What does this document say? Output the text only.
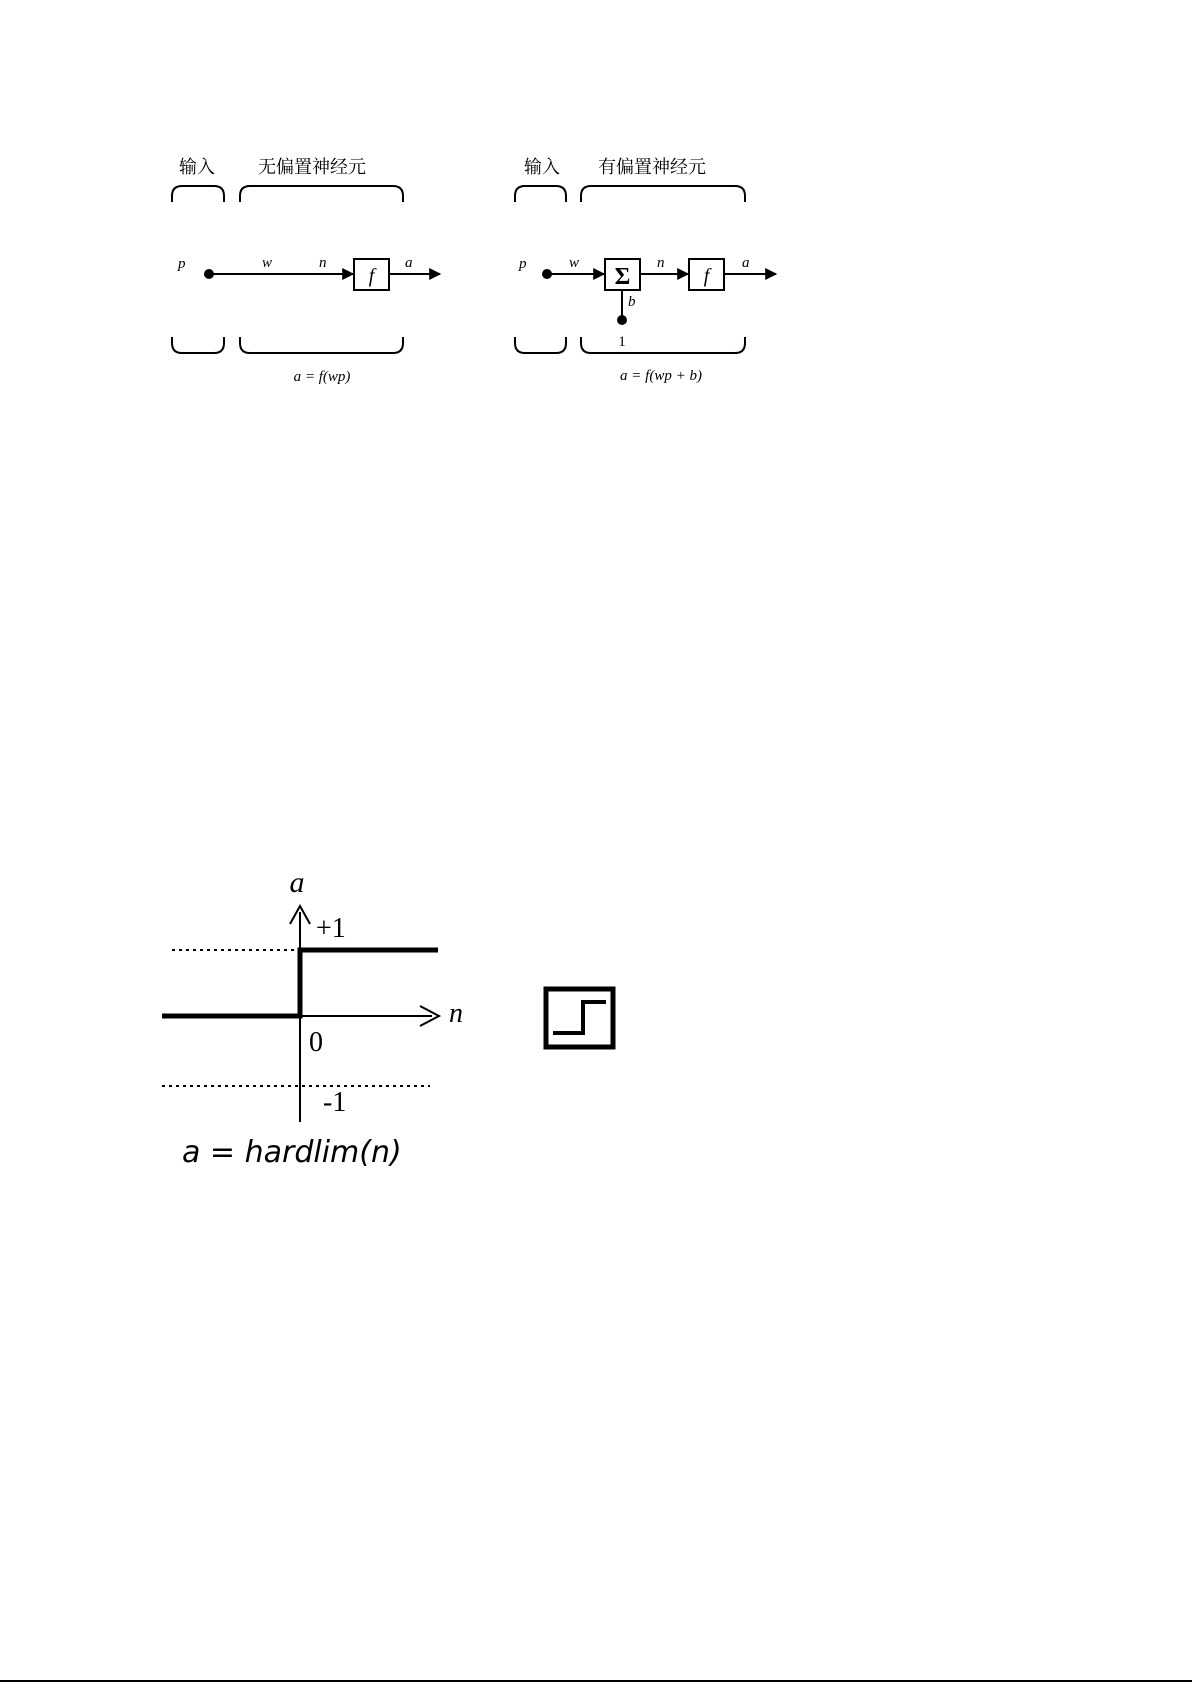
输入 无偏置神经元
p	w	n
f
a
a = f(wp)
输入 有偏置神经元
p	w
Σ
b
1
n
f
a
a = f(wp + b)
a
n
+1
0
-1
a = hardlim(n)
